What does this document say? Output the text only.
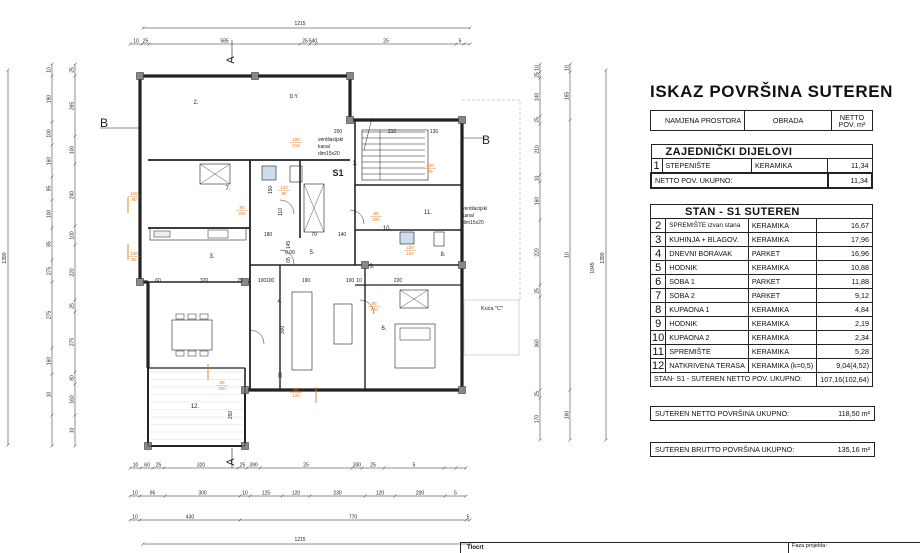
1215
10 25	585	25 540	25	5
10 60 25	320	25 390	25	330 25	5
10 95	300	10	125	120	230	120	200	5
10	430	770	5
1215
1390
10
190
100
160
95
100
85
275
275
160
10
25
265
100
240
100
220
25
275
80
160
10
10
25
140
25
210
10
160
220
25
360
25
170
10
165
10
160
1390
1045
B
B
A
A
Kuća "C"
S1
D.Y.
0.00
ventilacijski
kanal
dim15x20
ventilacijski
kanal
dim15x20
1.
2.
3.
4.
5.
6.
7.
8.
9.
10.
11.
12.
200	210	130
180	70	140
100	190	100 10	220
60	320	25	100
300
80
250
110
150
145
65
100
210
120
80
90
200	80
200
120
80
80
200
80
200	60
120
120
80
220
120
120
80
ISKAZ POVRŠINA SUTEREN
NAMJENA PROSTORA	OBRADA	NETTO POV. m²
ZAJEDNIČKI DIJELOVI			
1	STEPENIŠTE	KERAMIKA	11,34
NETTO POV. UKUPNO:			11,34
STAN - S1 SUTEREN			
2	SPREMIŠTE izvan stana	KERAMIKA	16,67
3	KUHINJA + BLAGOV.	KERAMIKA	17,96
4	DNEVNI BORAVAK	PARKET	16,96
5	HODNIK	KERAMIKA	10,88
6	SOBA 1	PARKET	11,88
7	SOBA 2	PARKET	9,12
8	KUPAONA 1	KERAMIKA	4,84
9	HODNIK	KERAMIKA	2,19
10	KUPAONA 2	KERAMIKA	2,34
11	SPREMIŠTE	KERAMIKA	5,28
12	NATKRIVENA TERASA	KERAMIKA (k=0,5)	9,04(4,52)
STAN- S1 - SUTEREN NETTO POV. UKUPNO:			107,16(102,64)
SUTEREN NETTO POVRŠINA UKUPNO:	118,50 m²
SUTEREN BRUTTO POVRŠINA UKUPNO:	135,16 m²
Tlocrt	Faza projekta:
